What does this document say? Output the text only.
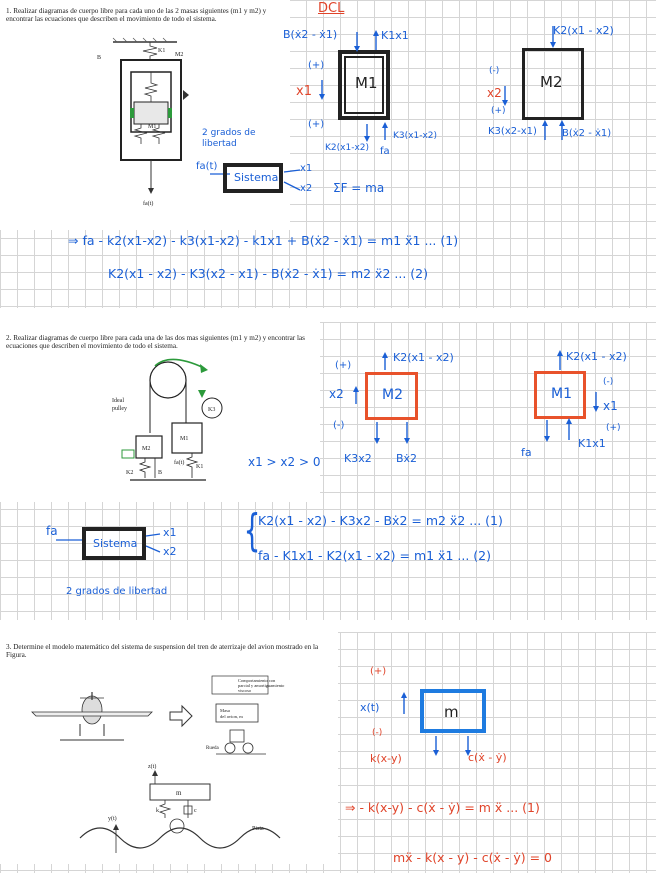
1. Realizar diagramas de cuerpo libre para cada uno de las 2 masas siguientes (m1 y m2) y encontrar las ecuaciones que describen el movimiento de todo el sistema.

K1
M2
M1
B
fa(t)
DCL
M1
B(ẋ2 - ẋ1)	K1x1
(+)
x1
(+)
K2(x1-x2) fa
K3(x1-x2)
M2
K2(x1 - x2)
(-)
x2
(+)
K3(x2-x1)	B(ẋ2 - ẋ1)
2 grados de libertad
fa(t)
Sistema
x1
x2 ΣF = ma
⇒ fa - k2(x1-x2) - k3(x1-x2) - k1x1 + B(ẋ2 - ẋ1) = m1 ẍ1 ... (1)
K2(x1 - x2) - K3(x2 - x1) - B(ẋ2 - ẋ1) = m2 ẍ2 ... (2)

2. Realizar diagramas de cuerpo libre para cada una de las dos mas siguientes (m1 y m2) y encontrar las ecuaciones que describen el movimiento de todo el sistema.

Ideal
pulley
M1
M2
K3
K1
K2	B
fa(t)
M2
(+)
K2(x1 - x2)
x2
(-)
K3x2 Bẋ2
M1
K2(x1 - x2)
(-)
x1
(+)
fa
K1x1
x1 > x2 > 0
fa
Sistema
x1
x2
2 grados de libertad
{
K2(x1 - x2) - K3x2 - Bẋ2 = m2 ẍ2 ... (1)
fa - K1x1 - K2(x1 - x2) = m1 ẍ1 ... (2)

3. Determine el modelo matemático del sistema de suspension del tren de aterrizaje del avion mostrado en la Figura.

Comportamiento con
parcial y amortiguamiento
viscoso
Masa
del avion, m
Rueda
m
z(t)
k	c
y(t)
Pista
m
(+)
x(t)
(-)
k(x-y)	c(ẋ - ẏ)
⇒ - k(x-y) - c(ẋ - ẏ) = m ẍ ... (1)
mẍ - k(x - y) - c(ẋ - ẏ) = 0
